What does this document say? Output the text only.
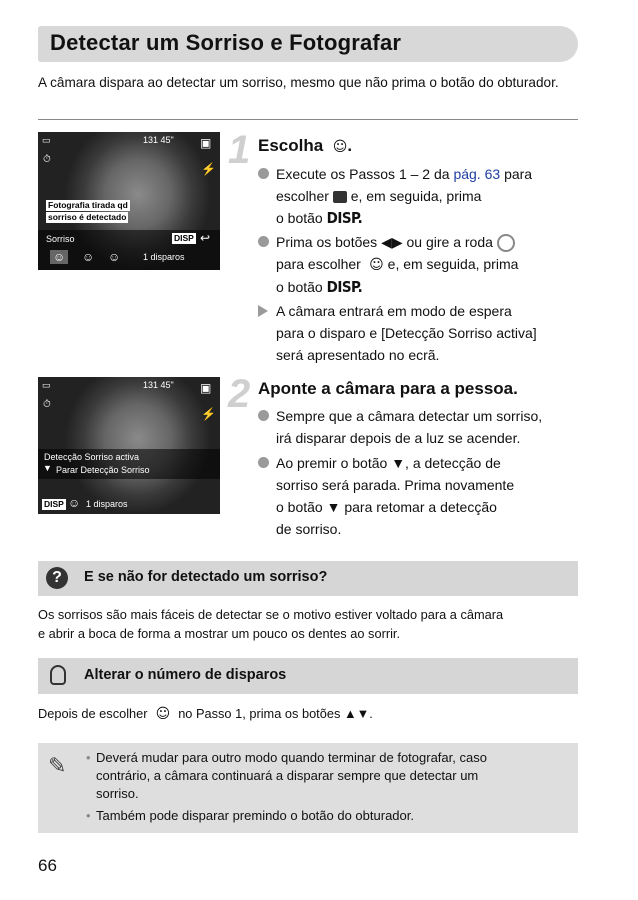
Detectar um Sorriso e Fotografar
A câmara dispara ao detectar um sorriso, mesmo que não prima o botão do obturador.
▭	131 45" ▣
⏱
⚡
Fotografia tirada qd
sorriso é detectado
Sorriso	DISP ↩
☺ ☺ ☺	1 disparos
1 Escolha  ☺.
Execute os Passos 1 – 2 da pág. 63 para
escolher e, em seguida, prima
o botão DISP.
Prima os botões ◀▶ ou gire a roda
para escolher  ☺ e, em seguida, prima
o botão DISP.
A câmara entrará em modo de espera
para o disparo e [Detecção Sorriso activa]
será apresentado no ecrã.
▭	131 45" ▣
⏱
⚡
Detecção Sorriso activa
▼ Parar Detecção Sorriso
DISP ☺ 1 disparos
2 Aponte a câmara para a pessoa.
Sempre que a câmara detectar um sorriso,
irá disparar depois de a luz se acender.
Ao premir o botão ▼, a detecção de
sorriso será parada. Prima novamente
o botão ▼ para retomar a detecção
de sorriso.
?	E se não for detectado um sorriso?
Os sorrisos são mais fáceis de detectar se o motivo estiver voltado para a câmara
e abrir a boca de forma a mostrar um pouco os dentes ao sorrir.
Alterar o número de disparos
Depois de escolher  ☺  no Passo 1, prima os botões ▲▼.
✎ • Deverá mudar para outro modo quando terminar de fotografar, caso
contrário, a câmara continuará a disparar sempre que detectar um
sorriso.
• Também pode disparar premindo o botão do obturador.
66
